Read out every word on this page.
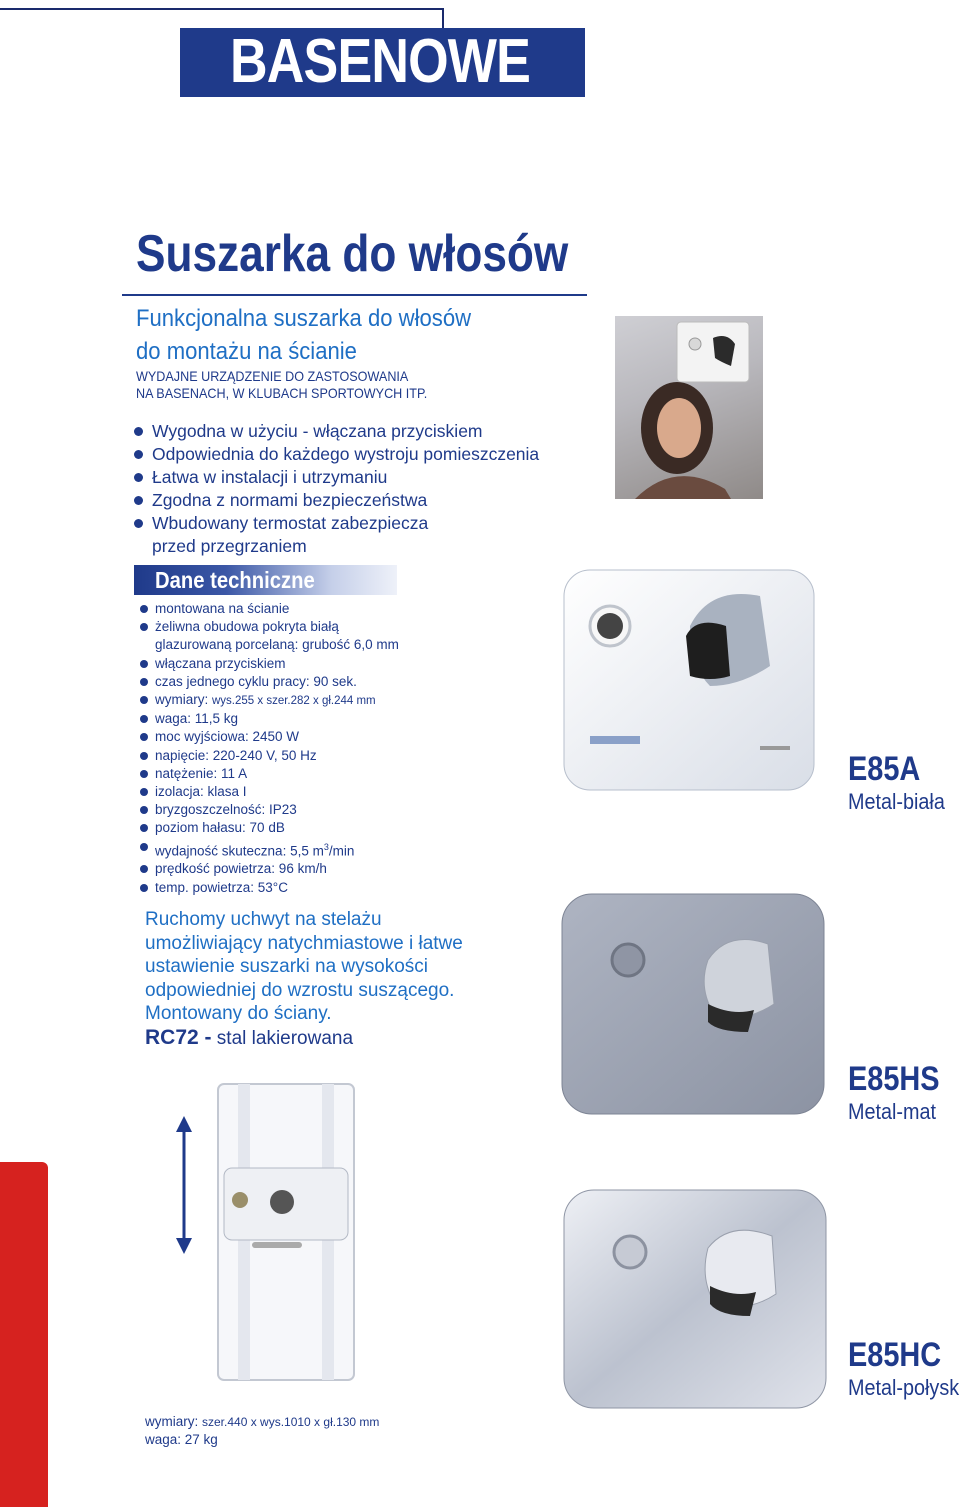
BASENOWE
Suszarka do włosów
Funkcjonalna suszarka do włosów
do montażu na ścianie
WYDAJNE URZĄDZENIE DO ZASTOSOWANIA
NA BASENACH, W KLUBACH SPORTOWYCH ITP.
Wygodna w użyciu - włączana przyciskiem
Odpowiednia do każdego wystroju pomieszczenia
Łatwa w instalacji i utrzymaniu
Zgodna z normami bezpieczeństwa
Wbudowany termostat zabezpiecza
przed przegrzaniem
Dane techniczne
montowana na ścianie
żeliwna obudowa pokryta białą
glazurowaną porcelaną: grubość 6,0 mm
włączana przyciskiem
czas jednego cyklu pracy: 90 sek.
wymiary: wys.255 x szer.282 x gł.244 mm
waga: 11,5 kg
moc wyjściowa: 2450 W
napięcie: 220-240 V, 50 Hz
natężenie: 11 A
izolacja: klasa I
bryzgoszczelność: IP23
poziom hałasu: 70 dB
wydajność skuteczna: 5,5 $m^3/\min$
prędkość powietrza: 96 km/h
temp. powietrza: 53°C
Ruchomy uchwyt na stelażu
umożliwiający natychmiastowe i łatwe
ustawienie suszarki na wysokości
odpowiedniej do wzrostu suszącego.
Montowany do ściany.
RC72 - stal lakierowana
wymiary: szer.440 x wys.1010 x gł.130 mm
waga: 27 kg
E85A
Metal-biała
E85HS
Metal-mat
E85HC
Metal-połysk
